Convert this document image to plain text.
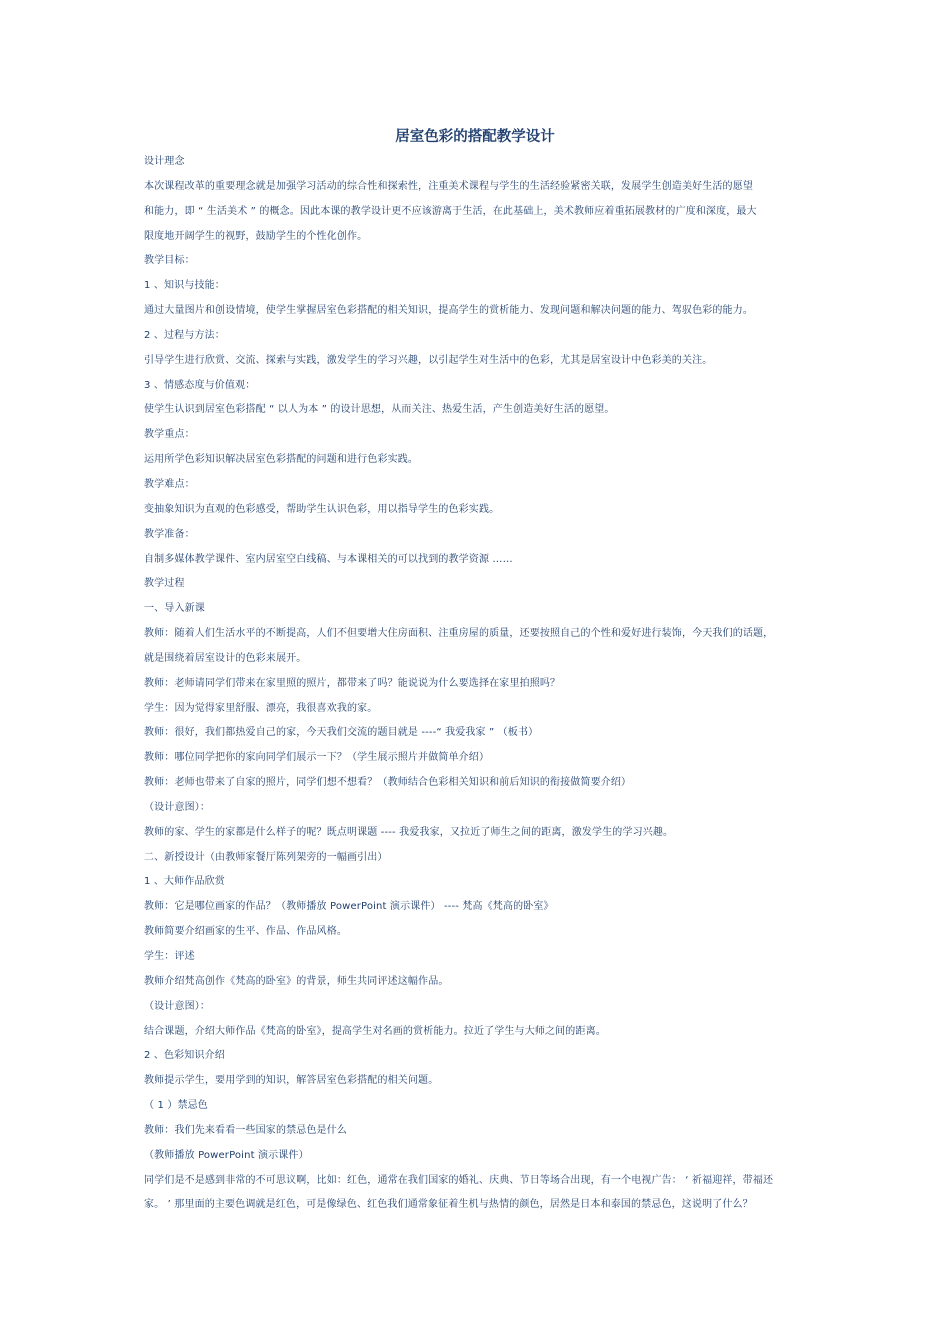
居室色彩的搭配教学设计
设计理念
本次课程改革的重要理念就是加强学习活动的综合性和探索性，注重美术课程与学生的生活经验紧密关联，发展学生创造美好生活的愿望
和能力，即 “ 生活美术 ” 的概念。因此本课的教学设计更不应该游离于生活，在此基础上，美术教师应着重拓展教材的广度和深度，最大
限度地开阔学生的视野，鼓励学生的个性化创作。
教学目标：
1 、知识与技能：
通过大量图片和创设情境，使学生掌握居室色彩搭配的相关知识，提高学生的赏析能力、发现问题和解决问题的能力、驾驭色彩的能力。
2 、过程与方法：
引导学生进行欣赏、交流、探索与实践，激发学生的学习兴趣，以引起学生对生活中的色彩，尤其是居室设计中色彩美的关注。
3 、情感态度与价值观：
使学生认识到居室色彩搭配 “ 以人为本 ” 的设计思想，从而关注、热爱生活，产生创造美好生活的愿望。
教学重点：
运用所学色彩知识解决居室色彩搭配的问题和进行色彩实践。
教学难点：
变抽象知识为直观的色彩感受，帮助学生认识色彩，用以指导学生的色彩实践。
教学准备：
自制多媒体教学课件、室内居室空白线稿、与本课相关的可以找到的教学资源 ……
教学过程
一、导入新课
教师：随着人们生活水平的不断提高，人们不但要增大住房面积、注重房屋的质量，还要按照自己的个性和爱好进行装饰，今天我们的话题，
就是围绕着居室设计的色彩来展开。
教师：老师请同学们带来在家里照的照片，都带来了吗？能说说为什么要选择在家里拍照吗？
学生：因为觉得家里舒服、漂亮，我很喜欢我的家。
教师：很好，我们都热爱自己的家，今天我们交流的题目就是 ----“ 我爱我家 ” （板书）
教师：哪位同学把你的家向同学们展示一下？（学生展示照片并做简单介绍）
教师：老师也带来了自家的照片，同学们想不想看？（教师结合色彩相关知识和前后知识的衔接做简要介绍）
（设计意图）：
教师的家、学生的家都是什么样子的呢？既点明课题 ---- 我爱我家，又拉近了师生之间的距离，激发学生的学习兴趣。
二、新授设计（由教师家餐厅陈列架旁的一幅画引出）
1 、大师作品欣赏
教师：它是哪位画家的作品？（教师播放 PowerPoint 演示课件） ---- 梵高《梵高的卧室》
教师简要介绍画家的生平、作品、作品风格。
学生：评述
教师介绍梵高创作《梵高的卧室》的背景，师生共同评述这幅作品。
（设计意图）：
结合课题，介绍大师作品《梵高的卧室》，提高学生对名画的赏析能力。拉近了学生与大师之间的距离。
2 、色彩知识介绍
教师提示学生，要用学到的知识，解答居室色彩搭配的相关问题。
（ 1 ）禁忌色
教师：我们先来看看一些国家的禁忌色是什么
（教师播放 PowerPoint 演示课件）
同学们是不是感到非常的不可思议啊，比如：红色，通常在我们国家的婚礼、庆典、节日等场合出现，有一个电视广告： ‘ 祈福迎祥，带福还
家。 ’ 那里面的主要色调就是红色，可是像绿色、红色我们通常象征着生机与热情的颜色，居然是日本和泰国的禁忌色，这说明了什么？
